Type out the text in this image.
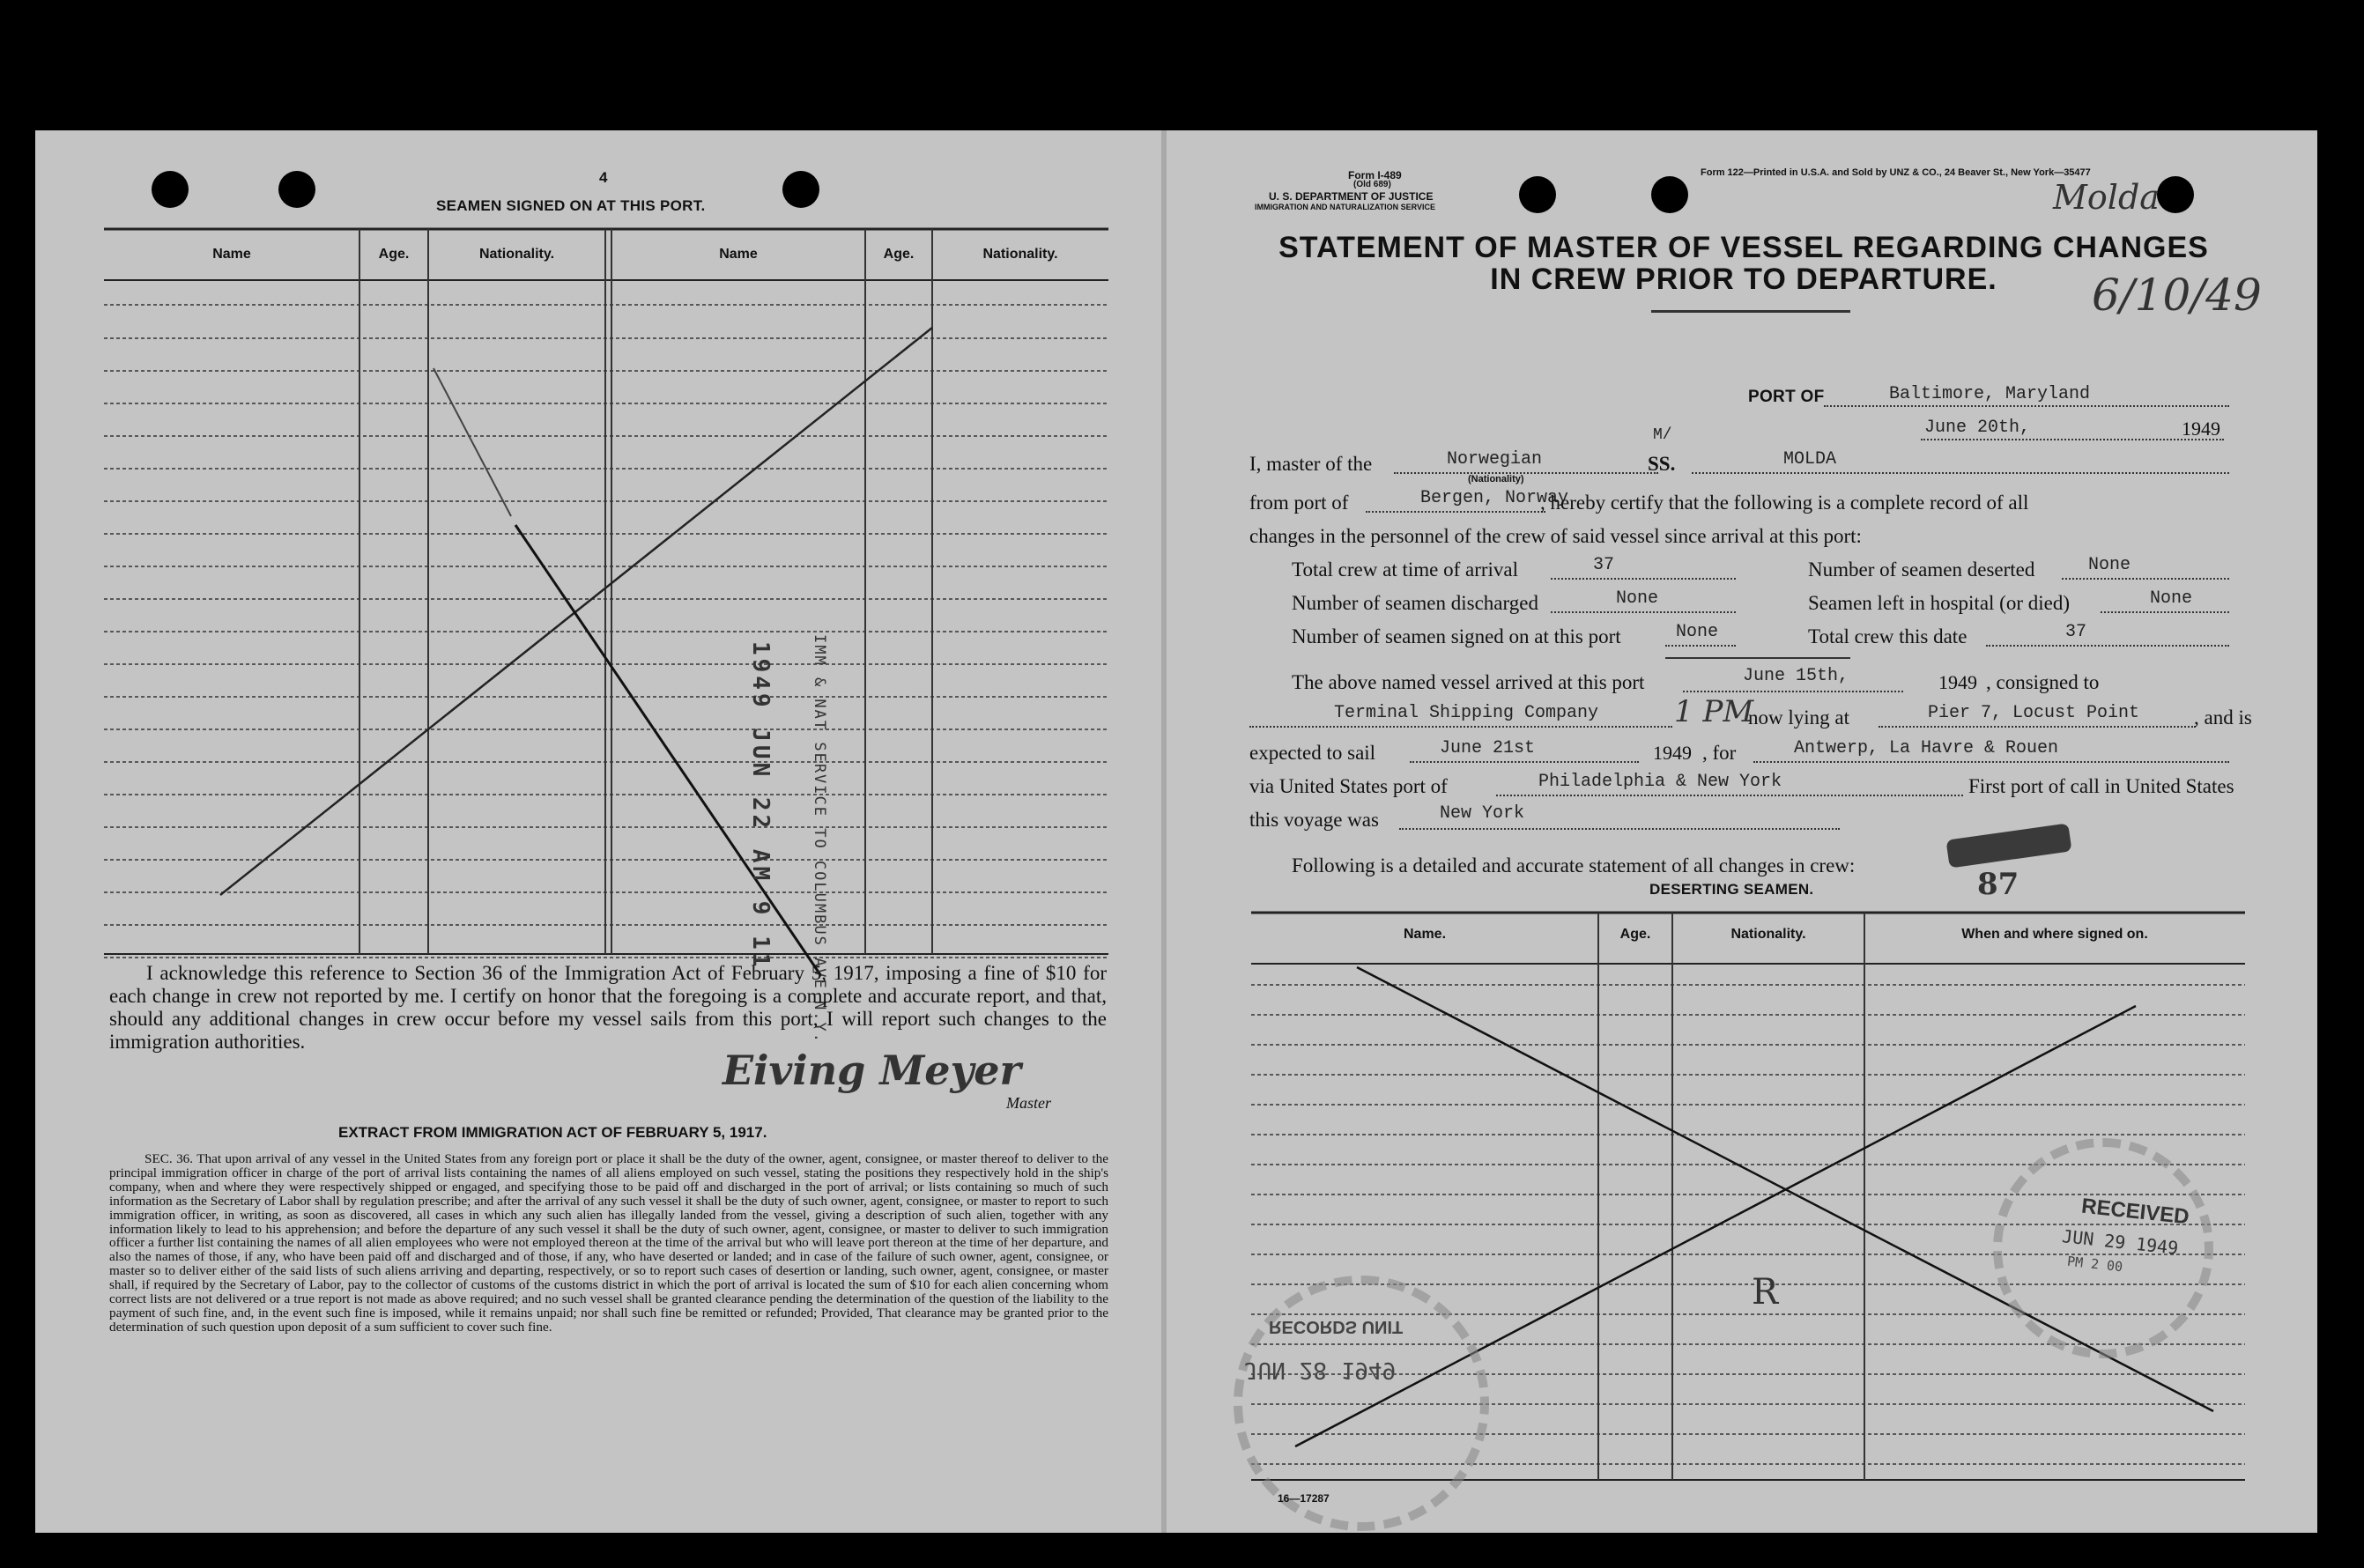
4
SEAMEN SIGNED ON AT THIS PORT.
Name	Age.	Nationality.	Name	Age.	Nationality.
1949 JUN 22 AM 9 11 IMM & NAT SERVICE TO COLUMBUS AVE N.Y.
I acknowledge this reference to Section 36 of the Immigration Act of February 5, 1917, imposing a fine of $10 for each change in crew not reported by me. I certify on honor that the foregoing is a complete and accurate report, and that, should any additional changes in crew occur before my vessel sails from this port, I will report such changes to the immigration authorities.
Eiving Meyer
Master
EXTRACT FROM IMMIGRATION ACT OF FEBRUARY 5, 1917.
SEC. 36. That upon arrival of any vessel in the United States from any foreign port or place it shall be the duty of the owner, agent, consignee, or master thereof to deliver to the principal immigration officer in charge of the port of arrival lists containing the names of all aliens employed on such vessel, stating the positions they respectively hold in the ship's company, when and where they were respectively shipped or engaged, and specifying those to be paid off and discharged in the port of arrival; or lists containing so much of such information as the Secretary of Labor shall by regulation prescribe; and after the arrival of any such vessel it shall be the duty of such owner, agent, consignee, or master to report to such immigration officer, in writing, as soon as discovered, all cases in which any such alien has illegally landed from the vessel, giving a description of such alien, together with any information likely to lead to his apprehension; and before the departure of any such vessel it shall be the duty of such owner, agent, consignee, or master to deliver to such immigration officer a further list containing the names of all alien employees who were not employed thereon at the time of the arrival but who will leave port thereon at the time of her departure, and also the names of those, if any, who have been paid off and discharged and of those, if any, who have deserted or landed; and in case of the failure of such owner, agent, consignee, or master so to deliver either of the said lists of such aliens arriving and departing, respectively, or so to report such cases of desertion or landing, such owner, agent, consignee, or master shall, if required by the Secretary of Labor, pay to the collector of customs of the customs district in which the port of arrival is located the sum of $10 for each alien concerning whom correct lists are not delivered or a true report is not made as above required; and no such vessel shall be granted clearance pending the determination of the question of the liability to the payment of such fine, and, in the event such fine is imposed, while it remains unpaid; nor shall such fine be remitted or refunded; Provided, That clearance may be granted prior to the determination of such question upon deposit of a sum sufficient to cover such fine.
Form I-489
(Old 689)
U. S. DEPARTMENT OF JUSTICE
IMMIGRATION AND NATURALIZATION SERVICE
Form 122—Printed in U.S.A. and Sold by UNZ & CO., 24 Beaver St., New York—35477
Molda
6/10/49
STATEMENT OF MASTER OF VESSEL REGARDING CHANGES
IN CREW PRIOR TO DEPARTURE.
PORT OF	Baltimore, Maryland
June 20th,	1949
I, master of the	Norwegian
(Nationality)
M/
SS.	MOLDA
from port of	Bergen, Norway
, hereby certify that the following is a complete record of all
changes in the personnel of the crew of said vessel since arrival at this port:
Total crew at time of arrival	37	Number of seamen deserted	None
Number of seamen discharged	None	Seamen left in hospital (or died)	None
Number of seamen signed on at this port	None	Total crew this date	37
The above named vessel arrived at this port	June 15th,	1949 , consigned to
Terminal Shipping Company	1 PM
now lying at	Pier 7, Locust Point	, and is
expected to sail	June 21st	1949 , for	Antwerp, La Havre & Rouen
via United States port of	Philadelphia & New York	First port of call in United States
this voyage was	New York
Following is a detailed and accurate statement of all changes in crew:
DESERTING SEAMEN.	87
Name.	Age.	Nationality.	When and where signed on.
R
RECEIVED
JUN 29 1949
PM 2 00
RECORDS UNIT
JUN 28 1949
16—17287
